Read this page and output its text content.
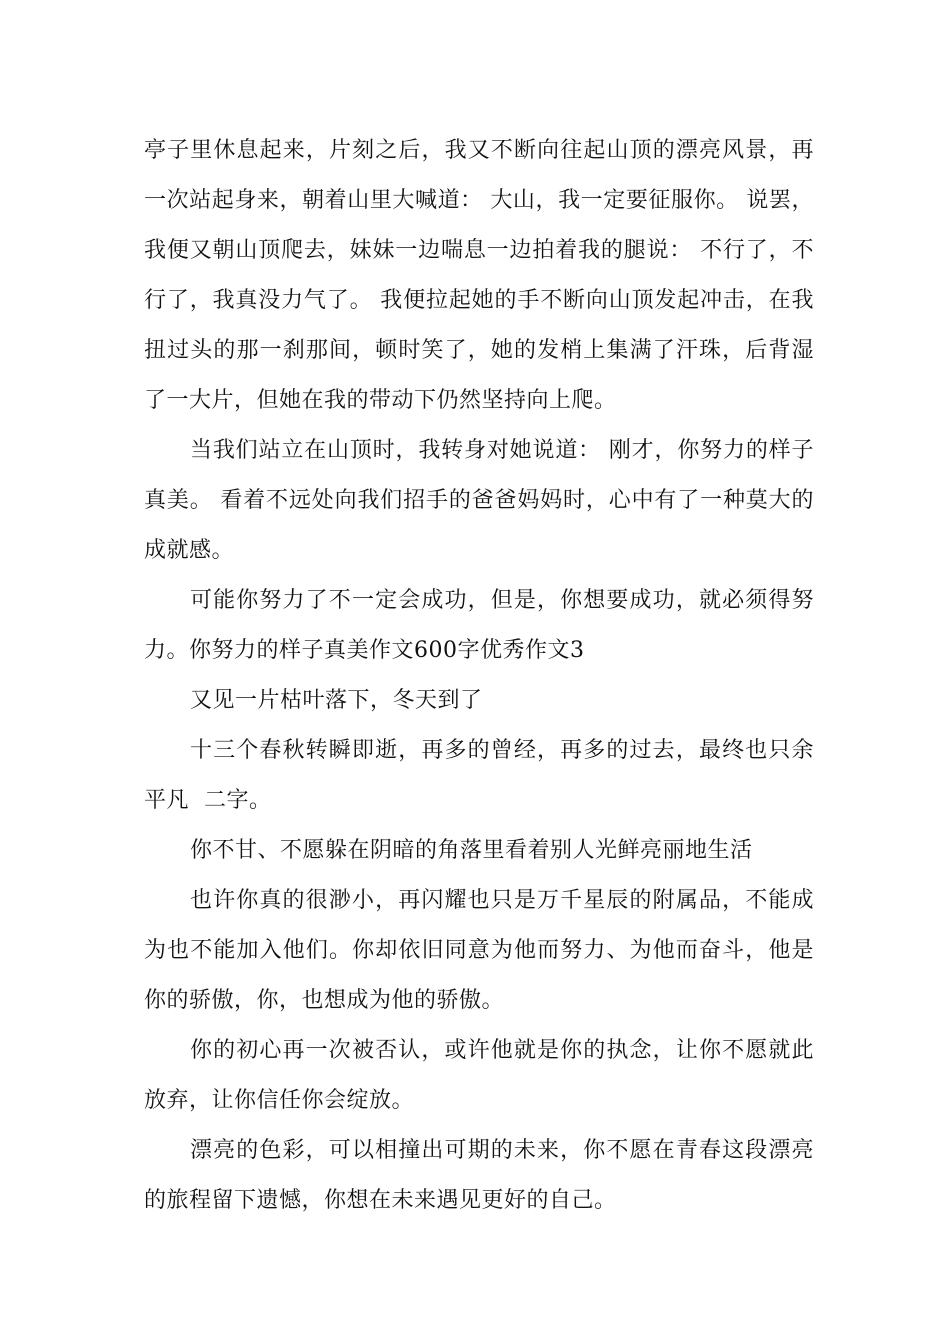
亭子里休息起来，片刻之后，我又不断向往起山顶的漂亮风景，再
一次站起身来，朝着山里大喊道： 大山，我一定要征服你。 说罢，
我便又朝山顶爬去，妹妹一边喘息一边拍着我的腿说： 不行了，不
行了，我真没力气了。 我便拉起她的手不断向山顶发起冲击，在我
扭过头的那一刹那间，顿时笑了，她的发梢上集满了汗珠，后背湿
了一大片，但她在我的带动下仍然坚持向上爬。

当我们站立在山顶时，我转身对她说道： 刚才，你努力的样子
真美。 看着不远处向我们招手的爸爸妈妈时，心中有了一种莫大的
成就感。

可能你努力了不一定会成功，但是，你想要成功，就必须得努
力。你努力的样子真美作文600字优秀作文3

又见一片枯叶落下，冬天到了

十三个春秋转瞬即逝，再多的曾经，再多的过去，最终也只余
平凡  二字。

你不甘、不愿躲在阴暗的角落里看着别人光鲜亮丽地生活

也许你真的很渺小，再闪耀也只是万千星辰的附属品，不能成
为也不能加入他们。你却依旧同意为他而努力、为他而奋斗，他是
你的骄傲，你，也想成为他的骄傲。

你的初心再一次被否认，或许他就是你的执念，让你不愿就此
放弃，让你信任你会绽放。

漂亮的色彩，可以相撞出可期的未来，你不愿在青春这段漂亮
的旅程留下遗憾，你想在未来遇见更好的自己。
